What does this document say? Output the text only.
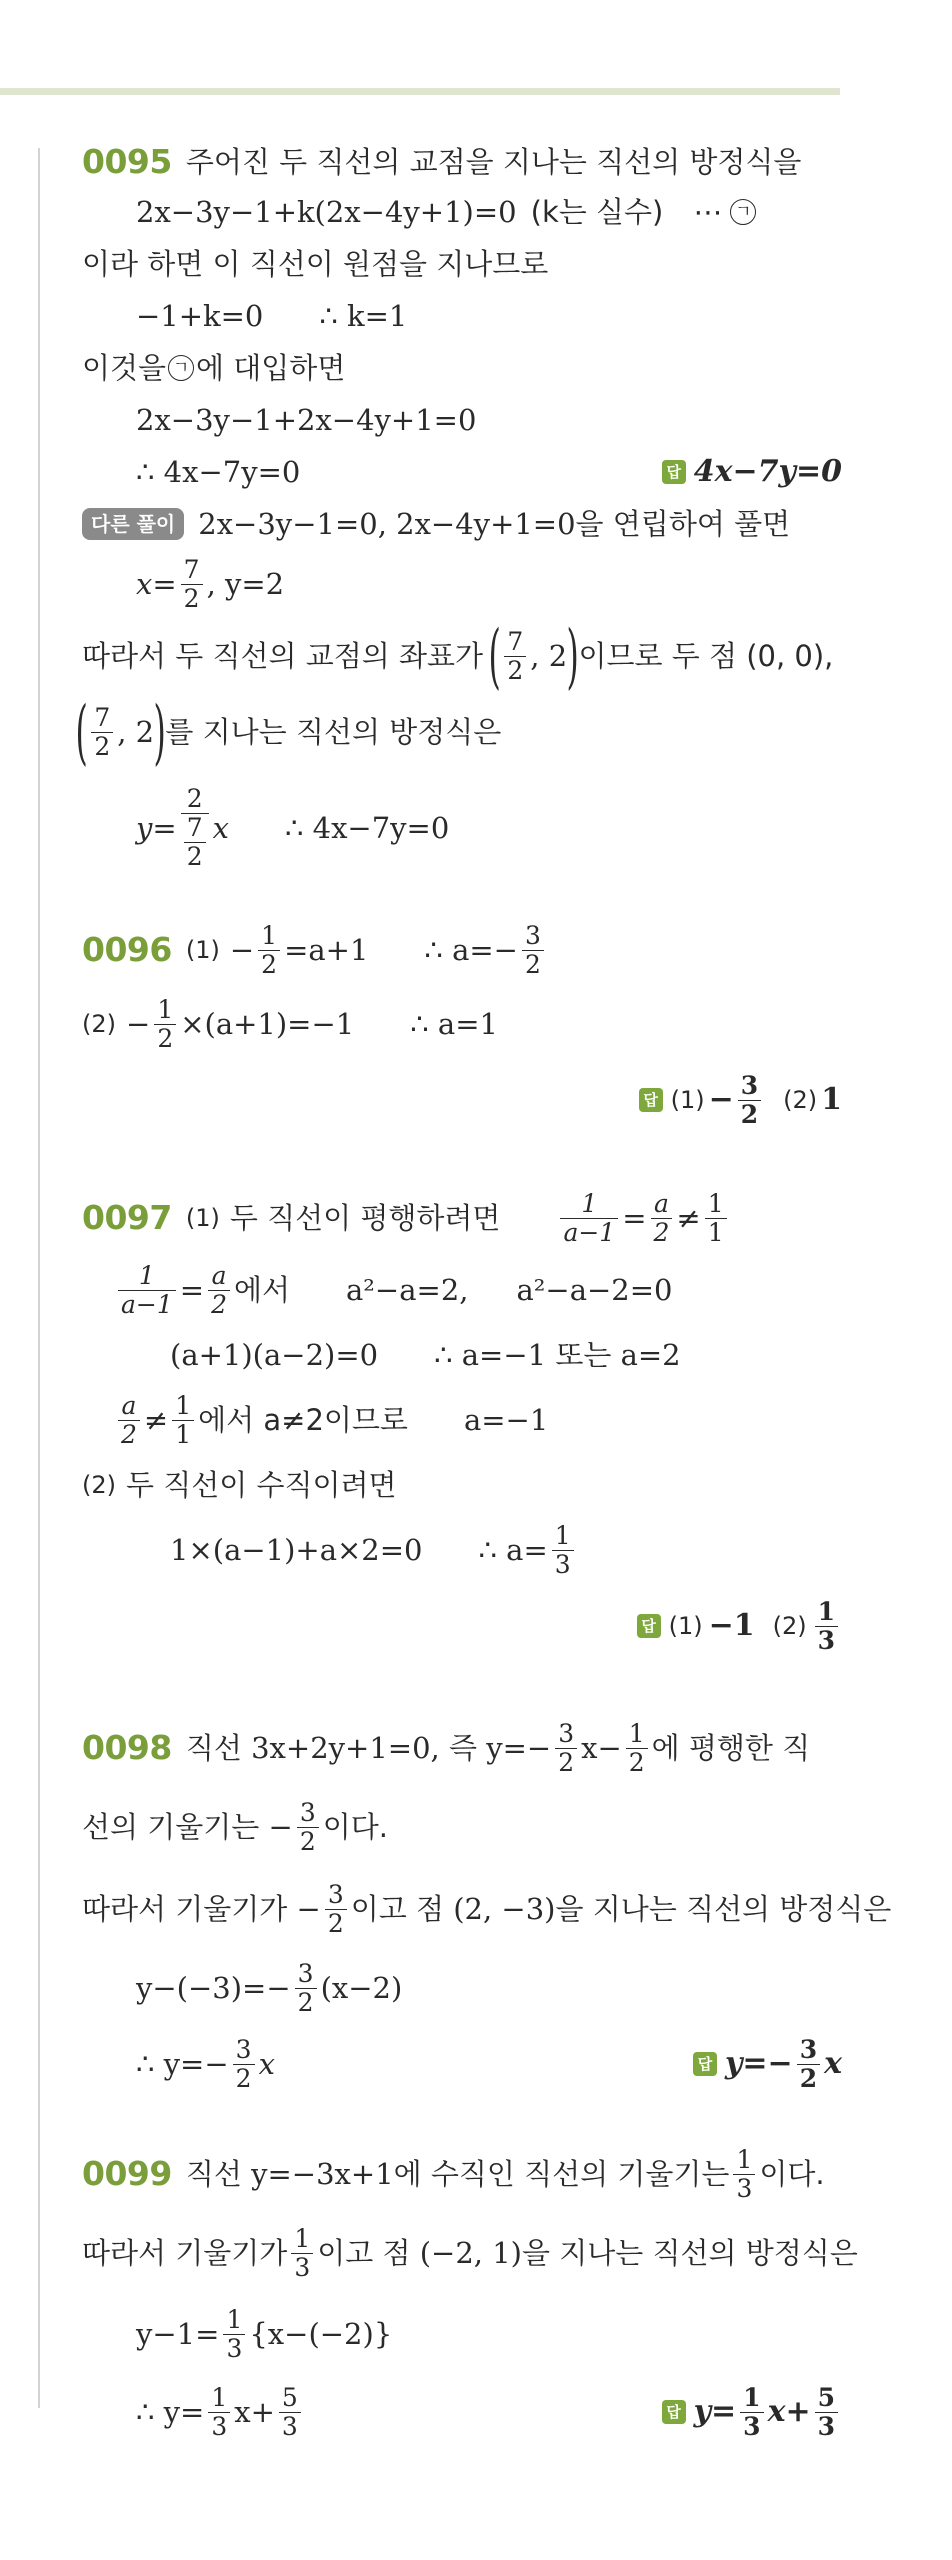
0095 주어진 두 직선의 교점을 지나는 직선의 방정식을
2x−3y−1+k(2x−4y+1)=0 (k는 실수) ⋯ ㄱ
이라 하면 이 직선이 원점을 지나므로
−1+k=0 ∴ k=1
이것을 ㄱ 에 대입하면
2x−3y−1+2x−4y+1=0
∴ 4x−7y=0	답 4x−7y=0
다른 풀이 2x−3y−1=0, 2x−4y+1=0을 연립하여 풀면
$x= \frac{7}{2}$ , y=2
따라서 두 직선의 교점의 좌표가 ( $\frac{7}{2}$ , 2 ) 이므로 두 점 (0, 0),
( $\frac{7}{2}$ , 2 ) 를 지나는 직선의 방정식은
$y= \frac{2}{\frac{7}{2}}$ x ∴ 4x−7y=0
0096 $(1) - \frac{1}{2} =a+1$ ∴ $a=- \frac{3}{2}$
$(2) - \frac{1}{2} \times(a+1)=-1$ ∴ a=1
답 $(1) - \frac{3}{2} (2)$ 1
0097 (1) 두 직선이 평행하려면 $\frac{1}{a-1} = \frac{a}{2} \ne \frac{1}{1}$
$\frac{1}{a-1} = \frac{a}{2}$ 에서 a²−a=2, a²−a−2=0
(a+1)(a−2)=0 ∴ a=−1 또는 a=2
$\frac{a}{2} \ne \frac{1}{1}$ 에서 a≠2이므로 a=−1
(2) 두 직선이 수직이려면
1×(a−1)+a×2=0 ∴ $a= \frac{1}{3}$
답 (1) −1 $(2) \frac{1}{3}$
0098 직선 3x+2y+1=0, 즉 $y=- \frac{3}{2} x- \frac{1}{2}$ 에 평행한 직
선의 기울기는 − $\frac{3}{2}$ 이다.
따라서 기울기가 − $\frac{3}{2}$ 이고 점 (2, −3)을 지나는 직선의 방정식은
$y-(-3)=- \frac{3}{2} (x-2)$
∴ $y=- \frac{3}{2}$ x	답 $y=- \frac{3}{2}$ x
0099 직선 y=−3x+1에 수직인 직선의 기울기는 $\frac{1}{3}$ 이다.
따라서 기울기가 $\frac{1}{3}$ 이고 점 (−2, 1)을 지나는 직선의 방정식은
$y-1= \frac{1}{3} \{x-(-2)\}$
∴ $y= \frac{1}{3} x+ \frac{5}{3}$	답 $y= \frac{1}{3} x+ \frac{5}{3}$
